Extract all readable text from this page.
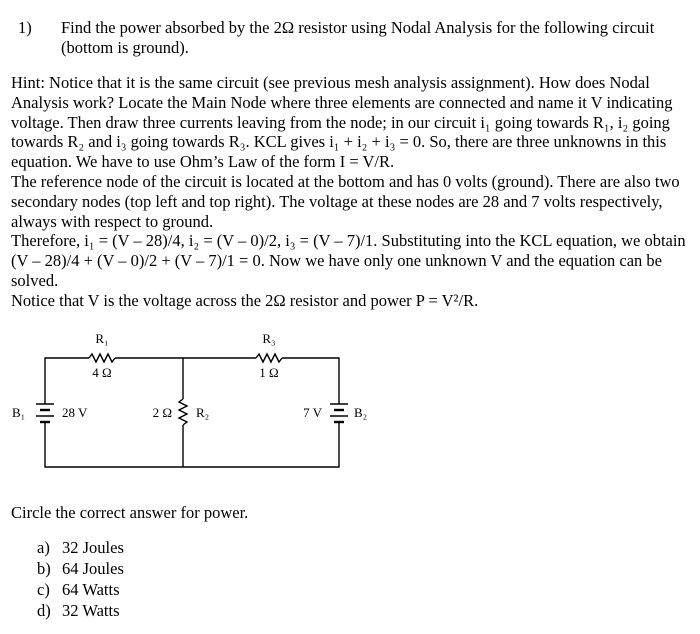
1) Find the power absorbed by the 2Ω resistor using Nodal Analysis for the following circuit (bottom is ground).

Hint: Notice that it is the same circuit (see previous mesh analysis assignment). How does Nodal Analysis work? Locate the Main Node where three elements are connected and name it V indicating voltage. Then draw three currents leaving from the node; in our circuit i₁ going towards R₁, i₂ going towards R₂ and i₃ going towards R₃. KCL gives i₁ + i₂ + i₃ = 0. So, there are three unknowns in this equation. We have to use Ohm’s Law of the form I = V/R.

The reference node of the circuit is located at the bottom and has 0 volts (ground). There are also two secondary nodes (top left and top right). The voltage at these nodes are 28 and 7 volts respectively, always with respect to ground.

Therefore, i₁ = (V – 28)/4, i₂ = (V – 0)/2, i₃ = (V – 7)/1. Substituting into the KCL equation, we obtain (V – 28)/4 + (V – 0)/2 + (V – 7)/1 = 0. Now we have only one unknown V and the equation can be solved.

Notice that V is the voltage across the 2Ω resistor and power P = V²/R.

R₁
4 Ω
R₃
1 Ω
2 Ω R₂
B₁	28 V	7 V B₂
Circle the correct answer for power.
a) 32 Joules
b) 64 Joules
c) 64 Watts
d) 32 Watts
